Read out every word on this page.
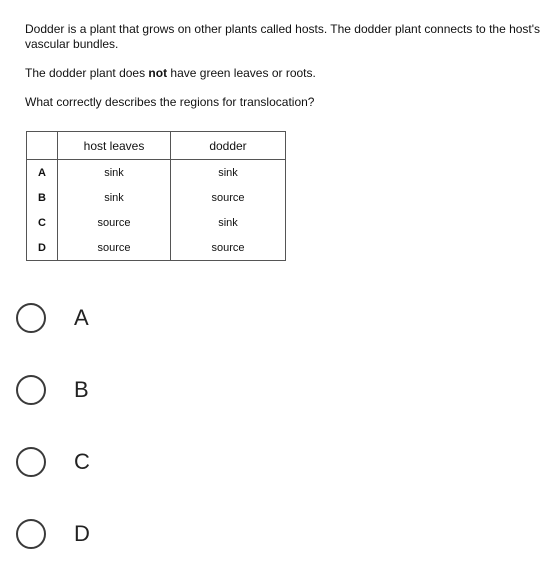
Dodder is a plant that grows on other plants called hosts. The dodder plant connects to the host's vascular bundles.

The dodder plant does not have green leaves or roots.

What correctly describes the regions for translocation?

	host leaves	dodder
A	sink	sink
B	sink	source
C	source	sink
D	source	source
A
B
C
D
